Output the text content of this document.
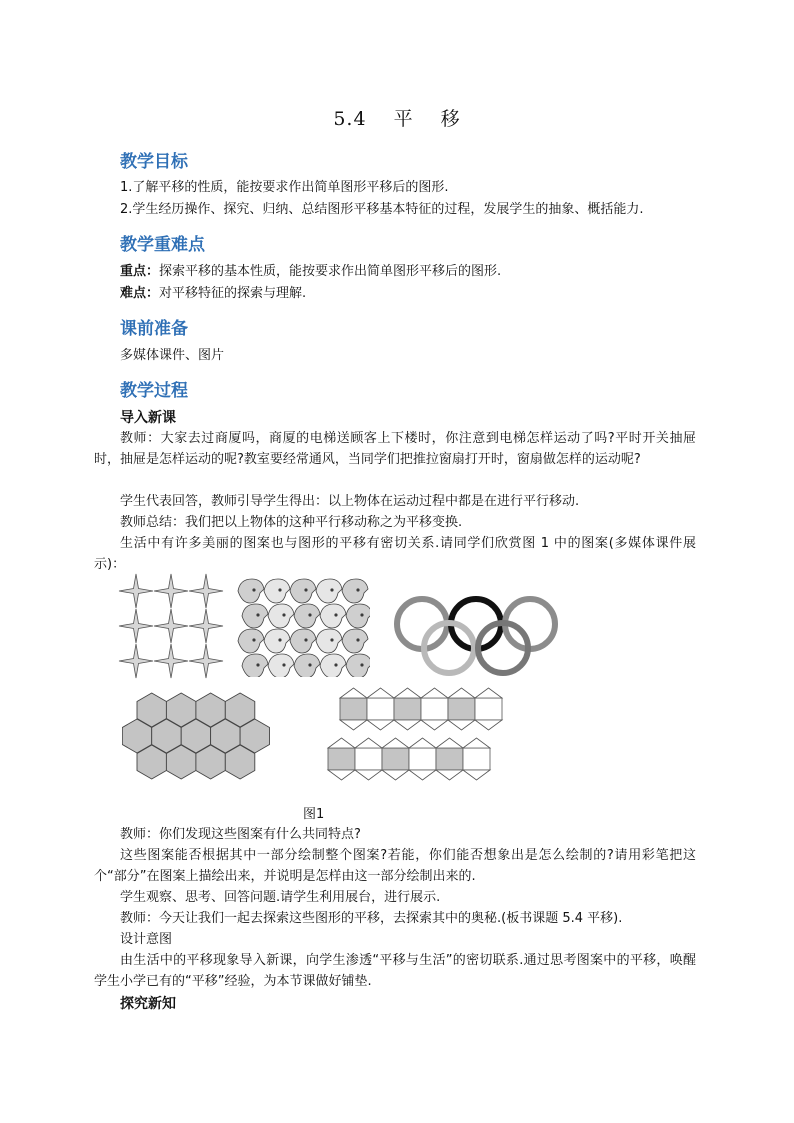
5.4 平 移
教学目标
1.了解平移的性质，能按要求作出简单图形平移后的图形.
2.学生经历操作、探究、归纳、总结图形平移基本特征的过程，发展学生的抽象、概括能力.
教学重难点
重点：探索平移的基本性质，能按要求作出简单图形平移后的图形.
难点：对平移特征的探索与理解.
课前准备
多媒体课件、图片
教学过程
导入新课
教师：大家去过商厦吗，商厦的电梯送顾客上下楼时，你注意到电梯怎样运动了吗?平时开关抽屉时，抽屉是怎样运动的呢?教室要经常通风，当同学们把推拉窗扇打开时，窗扇做怎样的运动呢?
学生代表回答，教师引导学生得出：以上物体在运动过程中都是在进行平行移动.
教师总结：我们把以上物体的这种平行移动称之为平移变换.
生活中有许多美丽的图案也与图形的平移有密切关系.请同学们欣赏图 1 中的图案(多媒体课件展示)：
图1
教师：你们发现这些图案有什么共同特点?
这些图案能否根据其中一部分绘制整个图案?若能，你们能否想象出是怎么绘制的?请用彩笔把这个“部分”在图案上描绘出来，并说明是怎样由这一部分绘制出来的.
学生观察、思考、回答问题.请学生利用展台，进行展示.
教师：今天让我们一起去探索这些图形的平移，去探索其中的奥秘.(板书课题 5.4 平移).
设计意图
由生活中的平移现象导入新课，向学生渗透“平移与生活”的密切联系.通过思考图案中的平移，唤醒学生小学已有的“平移”经验，为本节课做好铺垫.
探究新知
